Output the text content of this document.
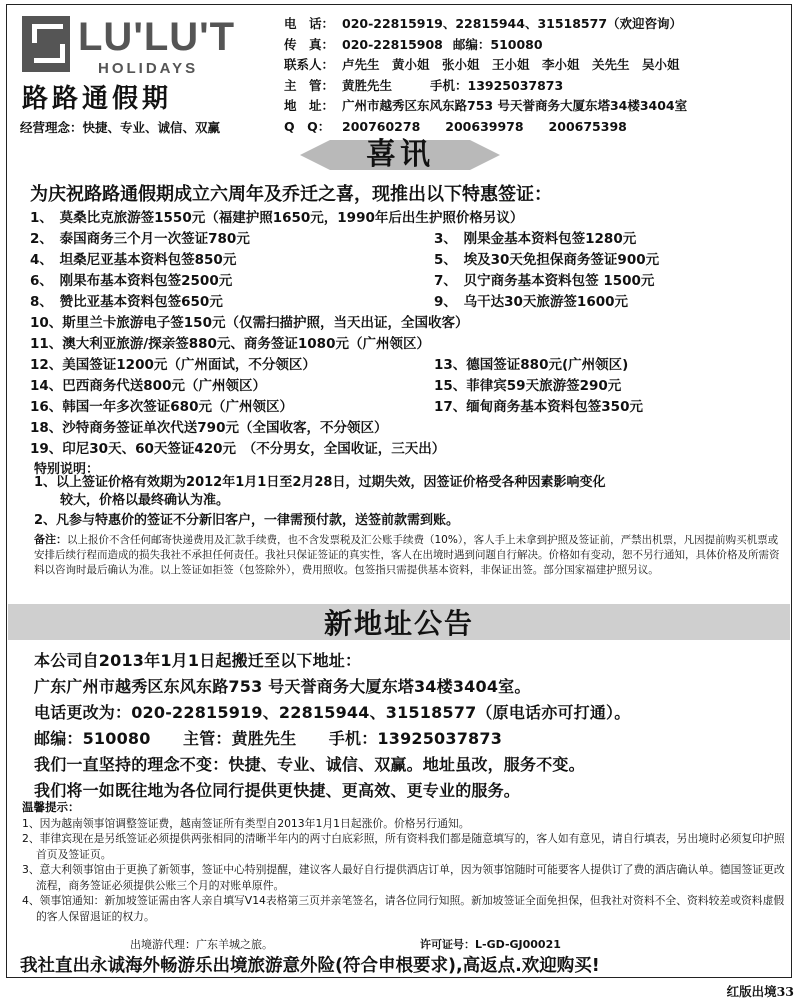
LU'LU'T
HOLIDAYS
路路通假期
经营理念：快捷、专业、诚信、双赢
电　话： 020-22815919、22815944、31518577（欢迎咨询）
传　真： 020-22815908 邮编：510080
联系人： 卢先生　黄小姐　张小姐　王小姐　李小姐　关先生　吴小姐
主　管： 黄胜先生	手机：13925037873
地　址： 广州市越秀区东风东路753 号天誉商务大厦东塔34楼3404室
Q　Q： 200760278　　200639978　　200675398
喜讯
为庆祝路路通假期成立六周年及乔迁之喜，现推出以下特惠签证：
1、　莫桑比克旅游签1550元（福建护照1650元，1990年后出生护照价格另议）
2、　泰国商务三个月一次签证780元	3、　刚果金基本资料包签1280元
4、　坦桑尼亚基本资料包签850元	5、　埃及30天免担保商务签证900元
6、　刚果布基本资料包签2500元	7、　贝宁商务基本资料包签 1500元
8、　赞比亚基本资料包签650元	9、　乌干达30天旅游签1600元
10、斯里兰卡旅游电子签150元（仅需扫描护照，当天出证，全国收客）
11、澳大利亚旅游/探亲签880元、商务签证1080元（广州领区）
12、美国签证1200元（广州面试，不分领区）	13、德国签证880元(广州领区)
14、巴西商务代送800元（广州领区）	15、菲律宾59天旅游签290元
16、韩国一年多次签证680元（广州领区）	17、缅甸商务基本资料包签350元
18、沙特商务签证单次代送790元（全国收客，不分领区）
19、印尼30天、60天签证420元　（不分男女，全国收证，三天出）
特别说明：
1、以上签证价格有效期为2012年1月1日至2月28日，过期失效，因签证价格受各种因素影响变化
　　较大，价格以最终确认为准。
2、凡参与特惠价的签证不分新旧客户，一律需预付款，送签前款需到账。
备注：以上报价不含任何邮寄快递费用及汇款手续费，也不含发票税及汇公账手续费（10%），客人手上未拿到护照及签证前，严禁出机票，凡因提前购买机票或安排后续行程而造成的损失我社不承担任何责任。我社只保证签证的真实性，客人在出境时遇到问题自行解决。价格如有变动，恕不另行通知，具体价格及所需资料以咨询时最后确认为准。以上签证如拒签（包签除外），费用照收。包签指只需提供基本资料，非保证出签。部分国家福建护照另议。
新地址公告
本公司自2013年1月1日起搬迁至以下地址：
广东广州市越秀区东风东路753 号天誉商务大厦东塔34楼3404室。
电话更改为：020-22815919、22815944、31518577（原电话亦可打通）。
邮编：510080　　主管：黄胜先生　　手机：13925037873
我们一直坚持的理念不变：快捷、专业、诚信、双赢。地址虽改，服务不变。
我们将一如既往地为各位同行提供更快捷、更高效、更专业的服务。
温馨提示：
1、因为越南领事馆调整签证费，越南签证所有类型自2013年1月1日起涨价。价格另行通知。
2、菲律宾现在是另纸签证必须提供两张相同的清晰半年内的两寸白底彩照，所有资料我们都是随意填写的，客人如有意见，请自行填表，另出境时必须复印护照首页及签证页。
3、意大利领事馆由于更换了新领事，签证中心特别提醒，建议客人最好自行提供酒店订单，因为领事馆随时可能要客人提供订了费的酒店确认单。德国签证更改流程，商务签证必须提供公账三个月的对账单原件。
4、领事馆通知：新加坡签证需由客人亲自填写V14表格第三页并亲笔签名，请各位同行知照。新加坡签证全面免担保，但我社对资料不全、资料较差或资料虚假的客人保留退证的权力。
出境游代理：广东羊城之旅。	许可证号：L-GD-GJ00021
我社直出永诚海外畅游乐出境旅游意外险(符合申根要求),高返点.欢迎购买!
红版出境33
